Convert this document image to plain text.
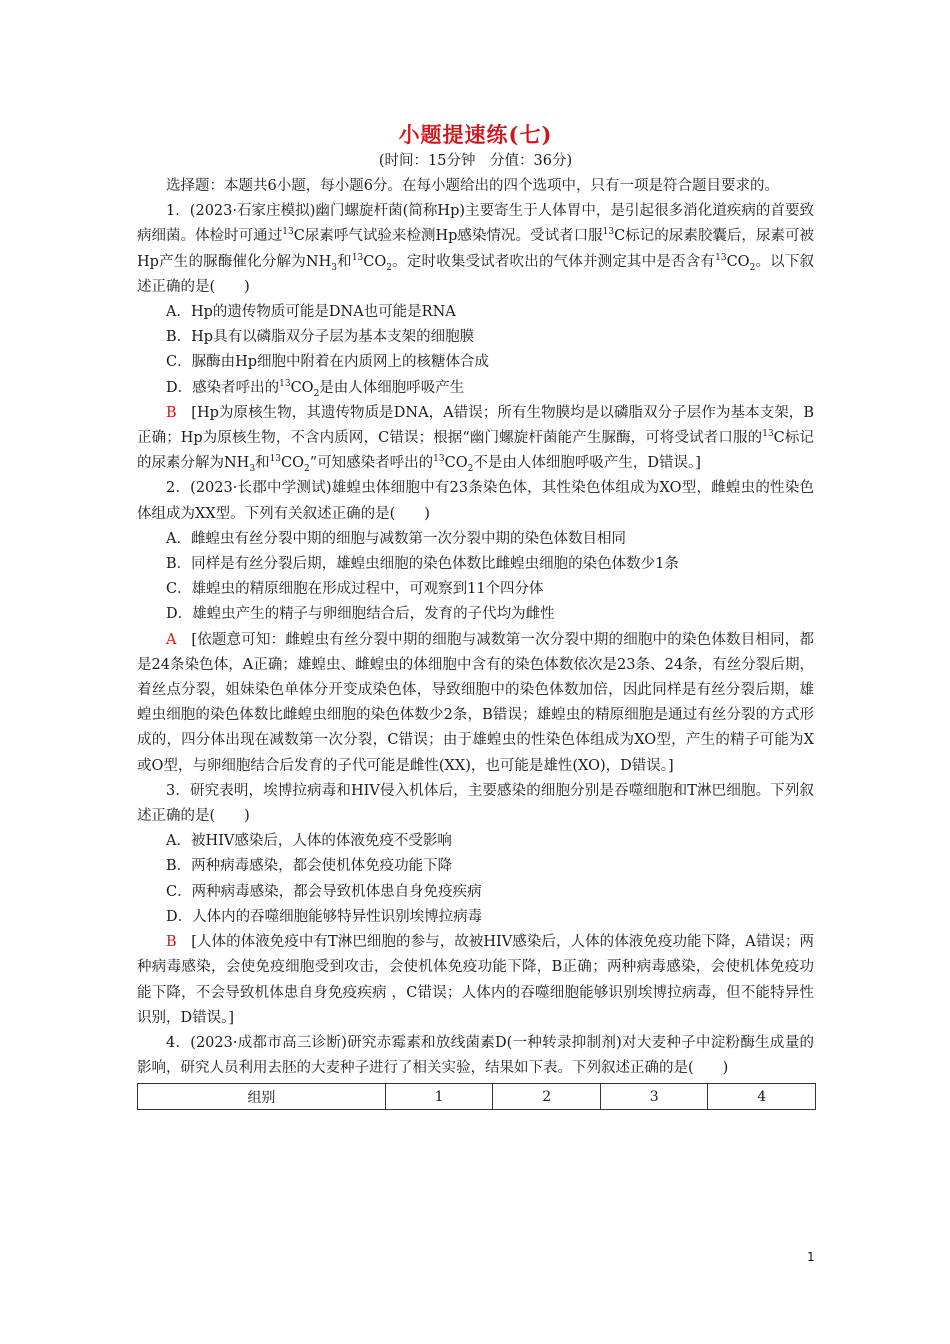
小题提速练(七)
(时间：15分钟　分值：36分)

选择题：本题共6小题，每小题6分。在每小题给出的四个选项中，只有一项是符合题目要求的。

1．(2023·石家庄模拟)幽门螺旋杆菌(简称Hp)主要寄生于人体胃中，是引起很多消化道疾病的首要致病细菌。体检时可通过$^{13}$C尿素呼气试验来检测Hp感染情况。受试者口服$^{13}$C标记的尿素胶囊后，尿素可被Hp产生的脲酶催化分解为$NH_3$和$^{13}CO_2$。定时收集受试者吹出的气体并测定其中是否含有$^{13}CO_2$。以下叙述正确的是(　　)

A．Hp的遗传物质可能是DNA也可能是RNA

B．Hp具有以磷脂双分子层为基本支架的细胞膜

C．脲酶由Hp细胞中附着在内质网上的核糖体合成

D．感染者呼出的$^{13}CO_2$是由人体细胞呼吸产生

B　[Hp为原核生物，其遗传物质是DNA，A错误；所有生物膜均是以磷脂双分子层作为基本支架，B正确；Hp为原核生物，不含内质网，C错误；根据“幽门螺旋杆菌能产生脲酶，可将受试者口服的$^{13}$C标记的尿素分解为$NH_3$和$^{13}CO_2$”可知感染者呼出的$^{13}CO_2$不是由人体细胞呼吸产生，D错误。]

2．(2023·长郡中学测试)雄蝗虫体细胞中有23条染色体，其性染色体组成为XO型，雌蝗虫的性染色体组成为XX型。下列有关叙述正确的是(　　)

A．雌蝗虫有丝分裂中期的细胞与减数第一次分裂中期的染色体数目相同

B．同样是有丝分裂后期，雄蝗虫细胞的染色体数比雌蝗虫细胞的染色体数少1条

C．雄蝗虫的精原细胞在形成过程中，可观察到11个四分体

D．雄蝗虫产生的精子与卵细胞结合后，发育的子代均为雌性

A　[依题意可知：雌蝗虫有丝分裂中期的细胞与减数第一次分裂中期的细胞中的染色体数目相同，都是24条染色体，A正确；雄蝗虫、雌蝗虫的体细胞中含有的染色体数依次是23条、24条，有丝分裂后期，着丝点分裂，姐妹染色单体分开变成染色体，导致细胞中的染色体数加倍，因此同样是有丝分裂后期，雄蝗虫细胞的染色体数比雌蝗虫细胞的染色体数少2条，B错误；雄蝗虫的精原细胞是通过有丝分裂的方式形成的，四分体出现在减数第一次分裂，C错误；由于雄蝗虫的性染色体组成为XO型，产生的精子可能为X或O型，与卵细胞结合后发育的子代可能是雌性(XX)，也可能是雄性(XO)，D错误。]

3．研究表明，埃博拉病毒和HIV侵入机体后，主要感染的细胞分别是吞噬细胞和T淋巴细胞。下列叙述正确的是(　　)

A．被HIV感染后，人体的体液免疫不受影响

B．两种病毒感染，都会使机体免疫功能下降

C．两种病毒感染，都会导致机体患自身免疫疾病

D．人体内的吞噬细胞能够特异性识别埃博拉病毒

B　[人体的体液免疫中有T淋巴细胞的参与，故被HIV感染后，人体的体液免疫功能下降，A错误；两种病毒感染，会使免疫细胞受到攻击，会使机体免疫功能下降，B正确；两种病毒感染，会使机体免疫功能下降，不会导致机体患自身免疫疾病 ，C错误；人体内的吞噬细胞能够识别埃博拉病毒，但不能特异性识别，D错误。]

4．(2023·成都市高三诊断)研究赤霉素和放线菌素D(一种转录抑制剂)对大麦种子中淀粉酶生成量的影响，研究人员利用去胚的大麦种子进行了相关实验，结果如下表。下列叙述正确的是(　　)

组别	1	2	3	4
1
